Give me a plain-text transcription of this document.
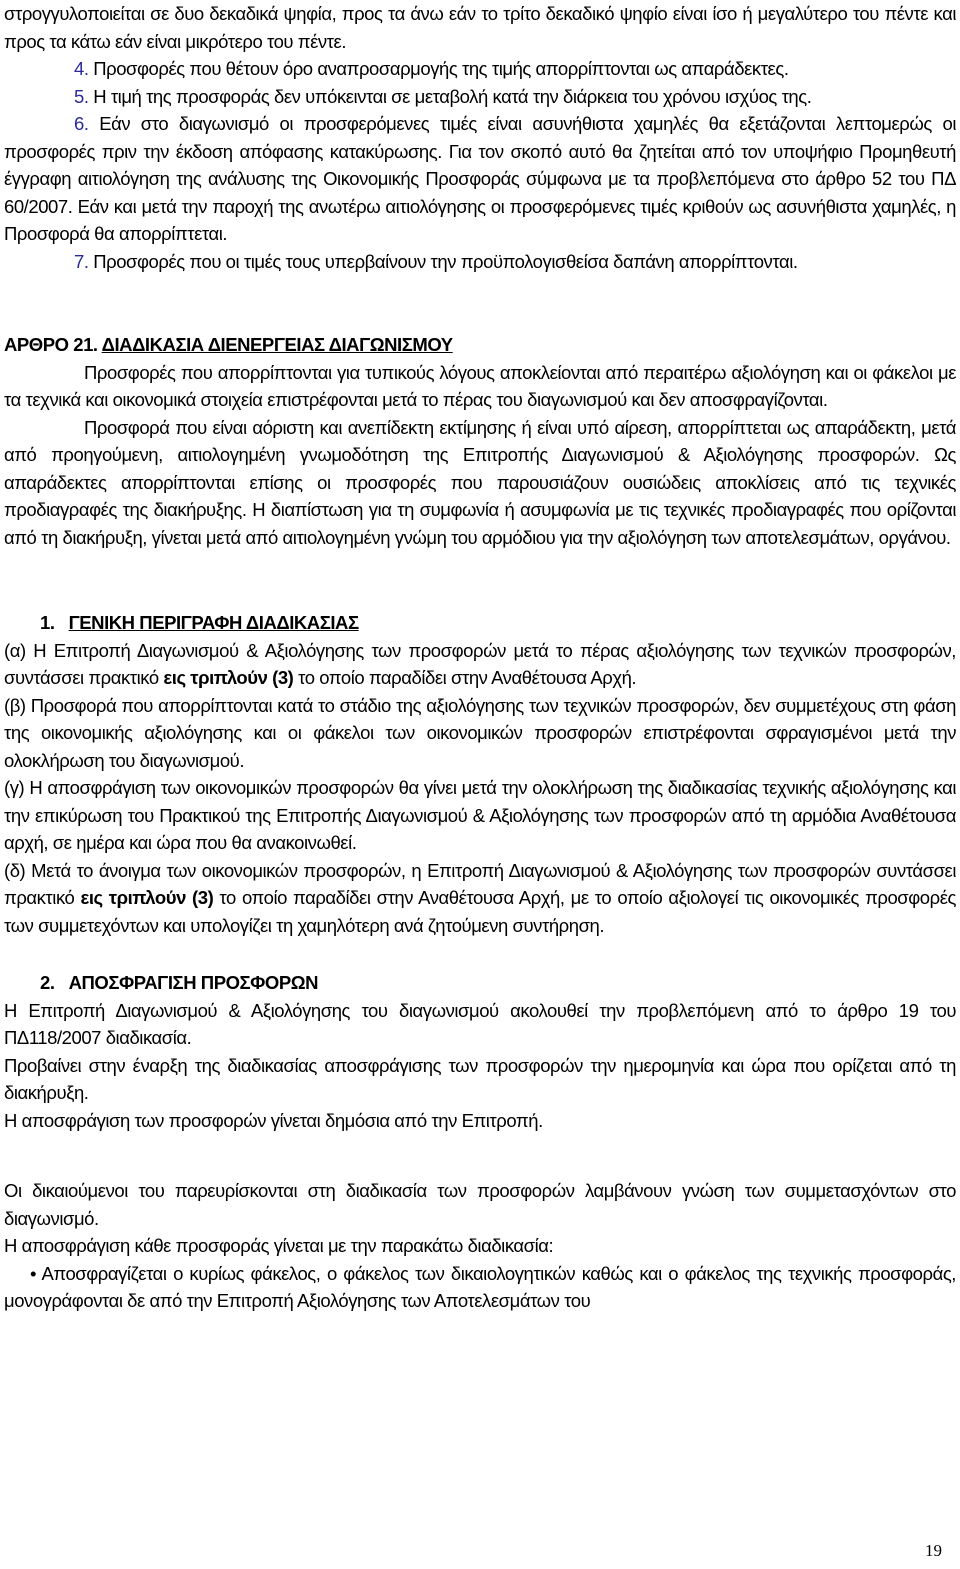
στρογγυλοποιείται σε δυο δεκαδικά ψηφία, προς τα άνω εάν το τρίτο δεκαδικό ψηφίο είναι ίσο ή μεγαλύτερο του πέντε και προς τα κάτω εάν είναι μικρότερο του πέντε.

4. Προσφορές που θέτουν όρο αναπροσαρμογής της τιμής απορρίπτονται ως απαράδεκτες.

5. Η τιμή της προσφοράς δεν υπόκεινται σε μεταβολή κατά την διάρκεια του χρόνου ισχύος της.

6. Εάν στο διαγωνισμό οι προσφερόμενες τιμές είναι ασυνήθιστα χαμηλές θα εξετάζονται λεπτομερώς οι προσφορές πριν την έκδοση απόφασης κατακύρωσης. Για τον σκοπό αυτό θα ζητείται από τον υποψήφιο Προμηθευτή έγγραφη αιτιολόγηση της ανάλυσης της Οικονομικής Προσφοράς σύμφωνα με τα προβλεπόμενα στο άρθρο 52 του ΠΔ 60/2007. Εάν και μετά την παροχή της ανωτέρω αιτιολόγησης οι προσφερόμενες τιμές κριθούν ως ασυνήθιστα χαμηλές, η Προσφορά θα απορρίπτεται.

7. Προσφορές που οι τιμές τους υπερβαίνουν την προϋπολογισθείσα δαπάνη απορρίπτονται.

ΑΡΘΡΟ 21. ΔΙΑΔΙΚΑΣΙΑ ΔΙΕΝΕΡΓΕΙΑΣ ΔΙΑΓΩΝΙΣΜΟΥ

Προσφορές που απορρίπτονται για τυπικούς λόγους αποκλείονται από περαιτέρω αξιολόγηση και οι φάκελοι με τα τεχνικά και οικονομικά στοιχεία επιστρέφονται μετά το πέρας του διαγωνισμού και δεν αποσφραγίζονται.

Προσφορά που είναι αόριστη και ανεπίδεκτη εκτίμησης ή είναι υπό αίρεση, απορρίπτεται ως απαράδεκτη, μετά από προηγούμενη, αιτιολογημένη γνωμοδότηση της Επιτροπής Διαγωνισμού & Αξιολόγησης προσφορών. Ως απαράδεκτες απορρίπτονται επίσης οι προσφορές που παρουσιάζουν ουσιώδεις αποκλίσεις από τις τεχνικές προδιαγραφές της διακήρυξης. Η διαπίστωση για τη συμφωνία ή ασυμφωνία με τις τεχνικές προδιαγραφές που ορίζονται από τη διακήρυξη, γίνεται μετά από αιτιολογημένη γνώμη του αρμόδιου για την αξιολόγηση των αποτελεσμάτων, οργάνου.

1. ΓΕΝΙΚΗ ΠΕΡΙΓΡΑΦΗ ΔΙΑΔΙΚΑΣΙΑΣ

(α) Η Επιτροπή Διαγωνισμού & Αξιολόγησης των προσφορών μετά το πέρας αξιολόγησης των τεχνικών προσφορών, συντάσσει πρακτικό εις τριπλούν (3) το οποίο παραδίδει στην Αναθέτουσα Αρχή.

(β) Προσφορά που απορρίπτονται κατά το στάδιο της αξιολόγησης των τεχνικών προσφορών, δεν συμμετέχους στη φάση της οικονομικής αξιολόγησης και οι φάκελοι των οικονομικών προσφορών επιστρέφονται σφραγισμένοι μετά την ολοκλήρωση του διαγωνισμού.

(γ) Η αποσφράγιση των οικονομικών προσφορών θα γίνει μετά την ολοκλήρωση της διαδικασίας τεχνικής αξιολόγησης και την επικύρωση του Πρακτικού της Επιτροπής Διαγωνισμού & Αξιολόγησης των προσφορών από τη αρμόδια Αναθέτουσα αρχή, σε ημέρα και ώρα που θα ανακοινωθεί.

(δ) Μετά το άνοιγμα των οικονομικών προσφορών, η Επιτροπή Διαγωνισμού & Αξιολόγησης των προσφορών συντάσσει πρακτικό εις τριπλούν (3) το οποίο παραδίδει στην Αναθέτουσα Αρχή, με το οποίο αξιολογεί τις οικονομικές προσφορές των συμμετεχόντων και υπολογίζει τη χαμηλότερη ανά ζητούμενη συντήρηση.

2. ΑΠΟΣΦΡΑΓΙΣΗ ΠΡΟΣΦΟΡΩΝ

Η Επιτροπή Διαγωνισμού & Αξιολόγησης του διαγωνισμού ακολουθεί την προβλεπόμενη από το άρθρο 19 του ΠΔ118/2007 διαδικασία.

Προβαίνει στην έναρξη της διαδικασίας αποσφράγισης των προσφορών την ημερομηνία και ώρα που ορίζεται από τη διακήρυξη.

Η αποσφράγιση των προσφορών γίνεται δημόσια από την Επιτροπή.

Οι δικαιούμενοι του παρευρίσκονται στη διαδικασία των προσφορών λαμβάνουν γνώση των συμμετασχόντων στο διαγωνισμό.

Η αποσφράγιση κάθε προσφοράς γίνεται με την παρακάτω διαδικασία:

• Αποσφραγίζεται ο κυρίως φάκελος, ο φάκελος των δικαιολογητικών καθώς και ο φάκελος της τεχνικής προσφοράς, μονογράφονται δε από την Επιτροπή Αξιολόγησης των Αποτελεσμάτων του

19
